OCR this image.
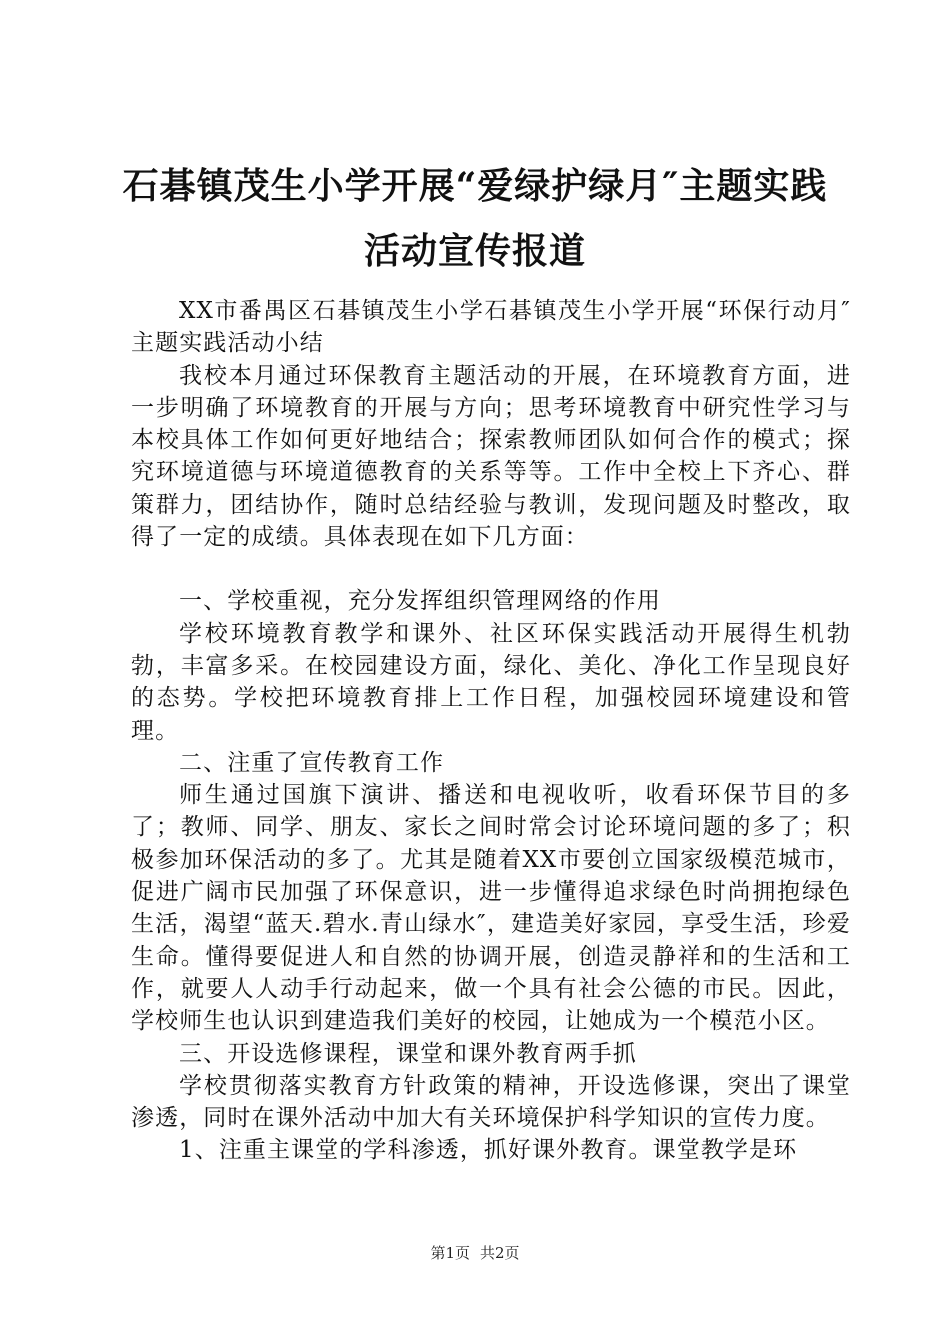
石碁镇茂生小学开展“爱绿护绿月″主题实践
活动宣传报道

XX市番禺区石碁镇茂生小学石碁镇茂生小学开展“环保行动月″主题实践活动小结

我校本月通过环保教育主题活动的开展，在环境教育方面，进一步明确了环境教育的开展与方向；思考环境教育中研究性学习与本校具体工作如何更好地结合；探索教师团队如何合作的模式；探究环境道德与环境道德教育的关系等等。工作中全校上下齐心、群策群力，团结协作，随时总结经验与教训，发现问题及时整改，取得了一定的成绩。具体表现在如下几方面：

一、学校重视，充分发挥组织管理网络的作用

学校环境教育教学和课外、社区环保实践活动开展得生机勃勃，丰富多采。在校园建设方面，绿化、美化、净化工作呈现良好的态势。学校把环境教育排上工作日程，加强校园环境建设和管理。

二、注重了宣传教育工作

师生通过国旗下演讲、播送和电视收听，收看环保节目的多了；教师、同学、朋友、家长之间时常会讨论环境问题的多了；积极参加环保活动的多了。尤其是随着XX市要创立国家级模范城市，促进广阔市民加强了环保意识，进一步懂得追求绿色时尚拥抱绿色生活，渴望“蓝天.碧水.青山绿水″，建造美好家园，享受生活，珍爱生命。懂得要促进人和自然的协调开展，创造灵静祥和的生活和工作，就要人人动手行动起来，做一个具有社会公德的市民。因此，学校师生也认识到建造我们美好的校园，让她成为一个模范小区。

三、开设选修课程，课堂和课外教育两手抓

学校贯彻落实教育方针政策的精神，开设选修课，突出了课堂渗透，同时在课外活动中加大有关环境保护科学知识的宣传力度。

1、注重主课堂的学科渗透，抓好课外教育。课堂教学是环

第1页 共2页
